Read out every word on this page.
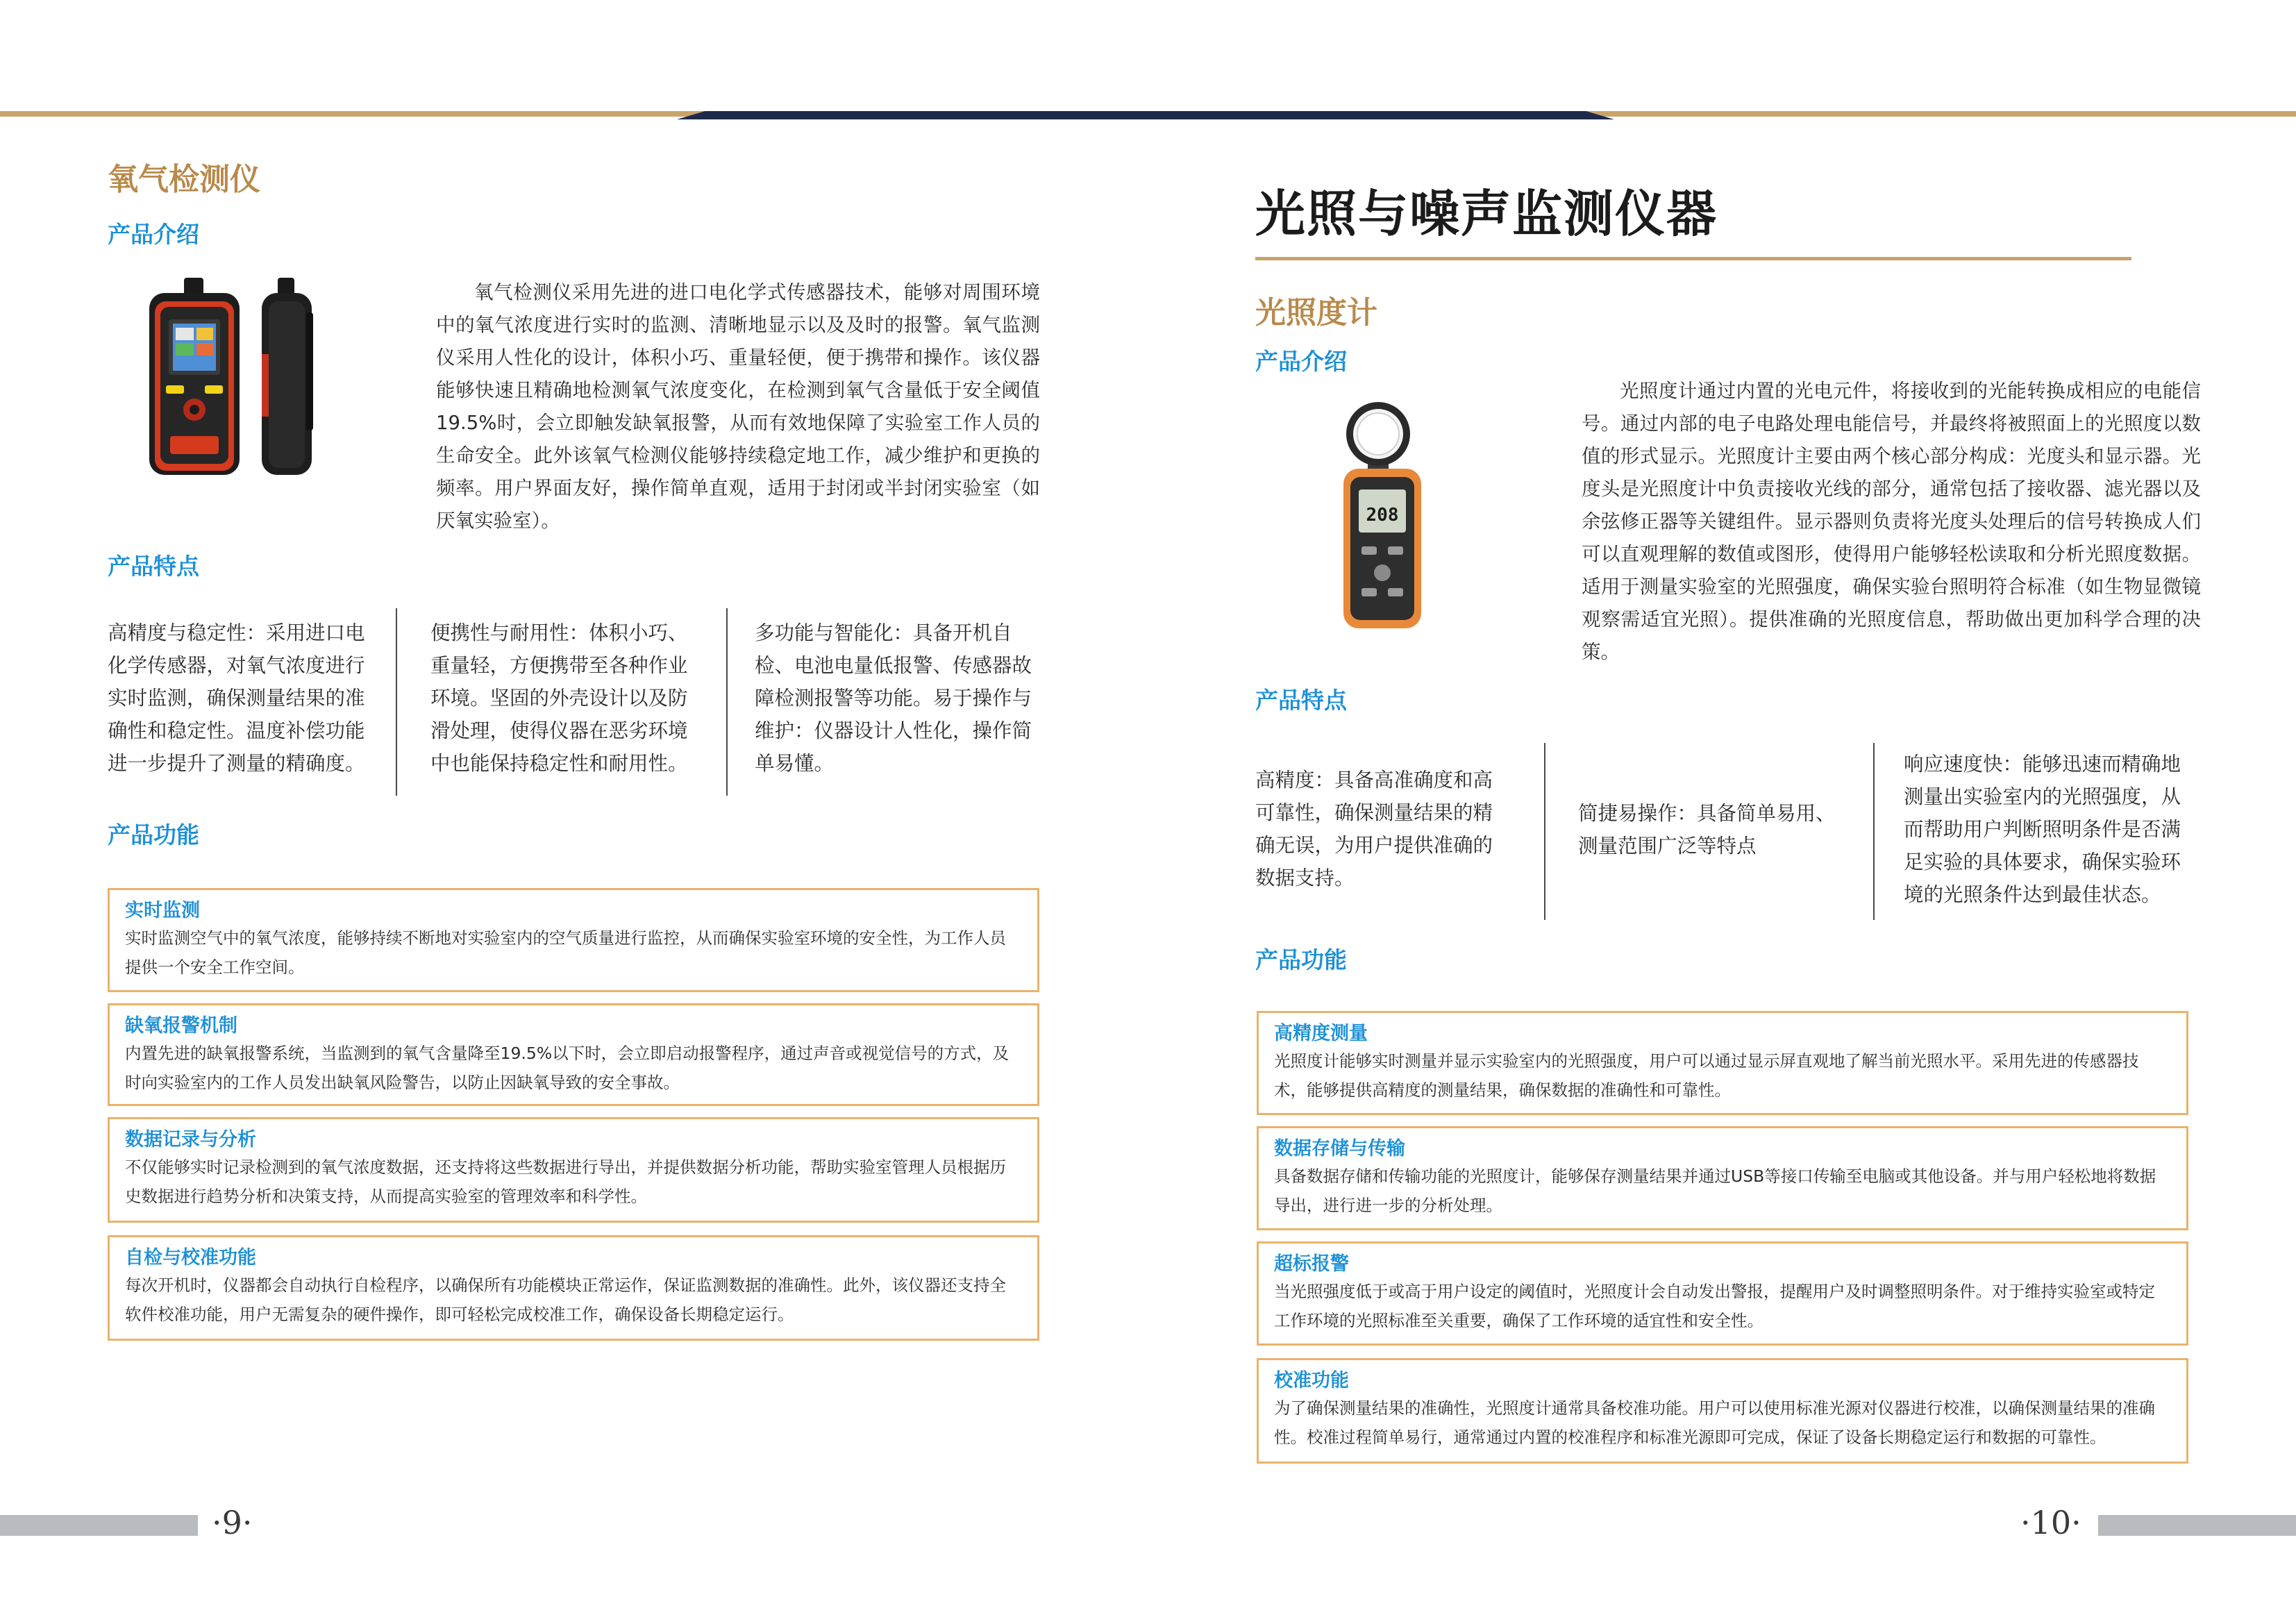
氧气检测仪
产品介绍
氧气检测仪采用先进的进口电化学式传感器技术，能够对周围环境中的氧气浓度进行实时的监测、清晰地显示以及及时的报警。氧气监测仪采用人性化的设计，体积小巧、重量轻便，便于携带和操作。该仪器能够快速且精确地检测氧气浓度变化，在检测到氧气含量低于安全阈值19.5%时，会立即触发缺氧报警，从而有效地保障了实验室工作人员的生命安全。此外该氧气检测仪能够持续稳定地工作，减少维护和更换的频率。用户界面友好，操作简单直观，适用于封闭或半封闭实验室（如厌氧实验室）。
产品特点
高精度与稳定性：采用进口电化学传感器，对氧气浓度进行实时监测，确保测量结果的准确性和稳定性。温度补偿功能进一步提升了测量的精确度。
便携性与耐用性：体积小巧、重量轻，方便携带至各种作业环境。坚固的外壳设计以及防滑处理，使得仪器在恶劣环境中也能保持稳定性和耐用性。
多功能与智能化：具备开机自检、电池电量低报警、传感器故障检测报警等功能。易于操作与维护：仪器设计人性化，操作简单易懂。
产品功能
实时监测
实时监测空气中的氧气浓度，能够持续不断地对实验室内的空气质量进行监控，从而确保实验室环境的安全性，为工作人员提供一个安全工作空间。
缺氧报警机制
内置先进的缺氧报警系统，当监测到的氧气含量降至19.5%以下时，会立即启动报警程序，通过声音或视觉信号的方式，及时向实验室内的工作人员发出缺氧风险警告，以防止因缺氧导致的安全事故。
数据记录与分析
不仅能够实时记录检测到的氧气浓度数据，还支持将这些数据进行导出，并提供数据分析功能，帮助实验室管理人员根据历史数据进行趋势分析和决策支持，从而提高实验室的管理效率和科学性。
自检与校准功能
每次开机时，仪器都会自动执行自检程序，以确保所有功能模块正常运作，保证监测数据的准确性。此外，该仪器还支持全软件校准功能，用户无需复杂的硬件操作，即可轻松完成校准工作，确保设备长期稳定运行。
·9·
光照与噪声监测仪器
光照度计
产品介绍
208
光照度计通过内置的光电元件，将接收到的光能转换成相应的电能信号。通过内部的电子电路处理电能信号，并最终将被照面上的光照度以数值的形式显示。光照度计主要由两个核心部分构成：光度头和显示器。光度头是光照度计中负责接收光线的部分，通常包括了接收器、滤光器以及余弦修正器等关键组件。显示器则负责将光度头处理后的信号转换成人们可以直观理解的数值或图形，使得用户能够轻松读取和分析光照度数据。适用于测量实验室的光照强度，确保实验台照明符合标准（如生物显微镜观察需适宜光照）。提供准确的光照度信息，帮助做出更加科学合理的决策。
产品特点
高精度：具备高准确度和高可靠性，确保测量结果的精确无误，为用户提供准确的数据支持。
简捷易操作：具备简单易用、测量范围广泛等特点
响应速度快：能够迅速而精确地测量出实验室内的光照强度，从而帮助用户判断照明条件是否满足实验的具体要求，确保实验环境的光照条件达到最佳状态。
产品功能
高精度测量
光照度计能够实时测量并显示实验室内的光照强度，用户可以通过显示屏直观地了解当前光照水平。采用先进的传感器技术，能够提供高精度的测量结果，确保数据的准确性和可靠性。
数据存储与传输
具备数据存储和传输功能的光照度计，能够保存测量结果并通过USB等接口传输至电脑或其他设备。并与用户轻松地将数据导出，进行进一步的分析处理。
超标报警
当光照强度低于或高于用户设定的阈值时，光照度计会自动发出警报，提醒用户及时调整照明条件。对于维持实验室或特定工作环境的光照标准至关重要，确保了工作环境的适宜性和安全性。
校准功能
为了确保测量结果的准确性，光照度计通常具备校准功能。用户可以使用标准光源对仪器进行校准，以确保测量结果的准确性。校准过程简单易行，通常通过内置的校准程序和标准光源即可完成，保证了设备长期稳定运行和数据的可靠性。
·10·
